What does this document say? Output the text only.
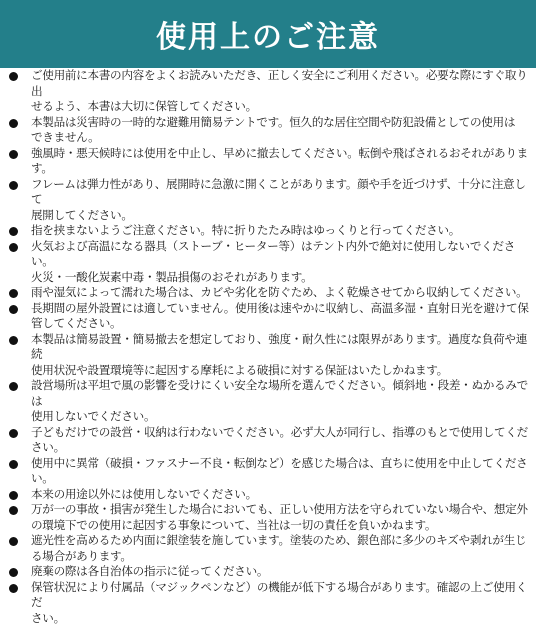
使用上のご注意
ご使用前に本書の内容をよくお読みいただき、正しく安全にご利用ください。必要な際にすぐ取り出
せるよう、本書は大切に保管してください。
本製品は災害時の一時的な避難用簡易テントです。恒久的な居住空間や防犯設備としての使用は
できません。
強風時・悪天候時には使用を中止し、早めに撤去してください。転倒や飛ばされるおそれがあります。
フレームは弾力性があり、展開時に急激に開くことがあります。顔や手を近づけず、十分に注意して
展開してください。
指を挟まないようご注意ください。特に折りたたみ時はゆっくりと行ってください。
火気および高温になる器具（ストーブ・ヒーター等）はテント内外で絶対に使用しないでください。
火災・一酸化炭素中毒・製品損傷のおそれがあります。
雨や湿気によって濡れた場合は、カビや劣化を防ぐため、よく乾燥させてから収納してください。
長期間の屋外設置には適していません。使用後は速やかに収納し、高温多湿・直射日光を避けて保
管してください。
本製品は簡易設置・簡易撤去を想定しており、強度・耐久性には限界があります。過度な負荷や連続
使用状況や設置環境等に起因する摩耗による破損に対する保証はいたしかねます。
設営場所は平坦で風の影響を受けにくい安全な場所を選んでください。傾斜地・段差・ぬかるみでは
使用しないでください。
子どもだけでの設営・収納は行わないでください。必ず大人が同行し、指導のもとで使用してください。
使用中に異常（破損・ファスナー不良・転倒など）を感じた場合は、直ちに使用を中止してください。
本来の用途以外には使用しないでください。
万が一の事故・損害が発生した場合においても、正しい使用方法を守られていない場合や、想定外
の環境下での使用に起因する事象について、当社は一切の責任を負いかねます。
遮光性を高めるため内面に銀塗装を施しています。塗装のため、銀色部に多少のキズや剥れが生じ
る場合があります。
廃棄の際は各自治体の指示に従ってください。
保管状況により付属品（マジックペンなど）の機能が低下する場合があります。確認の上ご使用くだ
さい。
